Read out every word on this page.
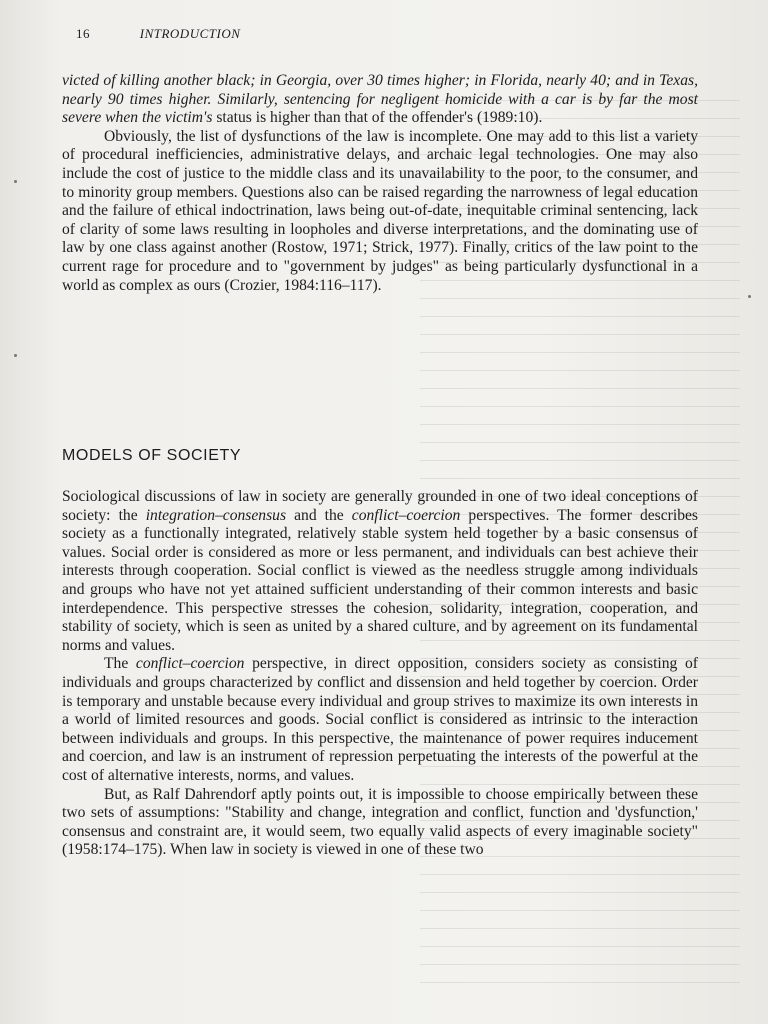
16	INTRODUCTION

victed of killing another black; in Georgia, over 30 times higher; in Florida, nearly 40; and in Texas, nearly 90 times higher. Similarly, sentencing for negligent homicide with a car is by far the most severe when the victim's status is higher than that of the offender's (1989:10).

Obviously, the list of dysfunctions of the law is incomplete. One may add to this list a variety of procedural inefficiencies, administrative delays, and archaic legal technologies. One may also include the cost of justice to the middle class and its unavailability to the poor, to the consumer, and to minority group members. Questions also can be raised regarding the narrowness of legal education and the failure of ethical indoctrination, laws being out-of-date, inequitable criminal sentencing, lack of clarity of some laws resulting in loopholes and diverse interpretations, and the dominating use of law by one class against another (Rostow, 1971; Strick, 1977). Finally, critics of the law point to the current rage for procedure and to "government by judges" as being particularly dysfunctional in a world as complex as ours (Crozier, 1984:116–117).

MODELS OF SOCIETY

Sociological discussions of law in society are generally grounded in one of two ideal conceptions of society: the integration–consensus and the conflict–coercion perspectives. The former describes society as a functionally integrated, relatively stable system held together by a basic consensus of values. Social order is considered as more or less permanent, and individuals can best achieve their interests through cooperation. Social conflict is viewed as the needless struggle among individuals and groups who have not yet attained sufficient understanding of their common interests and basic interdependence. This perspective stresses the cohesion, solidarity, integration, cooperation, and stability of society, which is seen as united by a shared culture, and by agreement on its fundamental norms and values.

The conflict–coercion perspective, in direct opposition, considers society as consisting of individuals and groups characterized by conflict and dissension and held together by coercion. Order is temporary and unstable because every individual and group strives to maximize its own interests in a world of limited resources and goods. Social conflict is considered as intrinsic to the interaction between individuals and groups. In this perspective, the maintenance of power requires inducement and coercion, and law is an instrument of repression perpetuating the interests of the powerful at the cost of alternative interests, norms, and values.

But, as Ralf Dahrendorf aptly points out, it is impossible to choose empirically between these two sets of assumptions: "Stability and change, integration and conflict, function and 'dysfunction,' consensus and constraint are, it would seem, two equally valid aspects of every imaginable society" (1958:174–175). When law in society is viewed in one of these two
